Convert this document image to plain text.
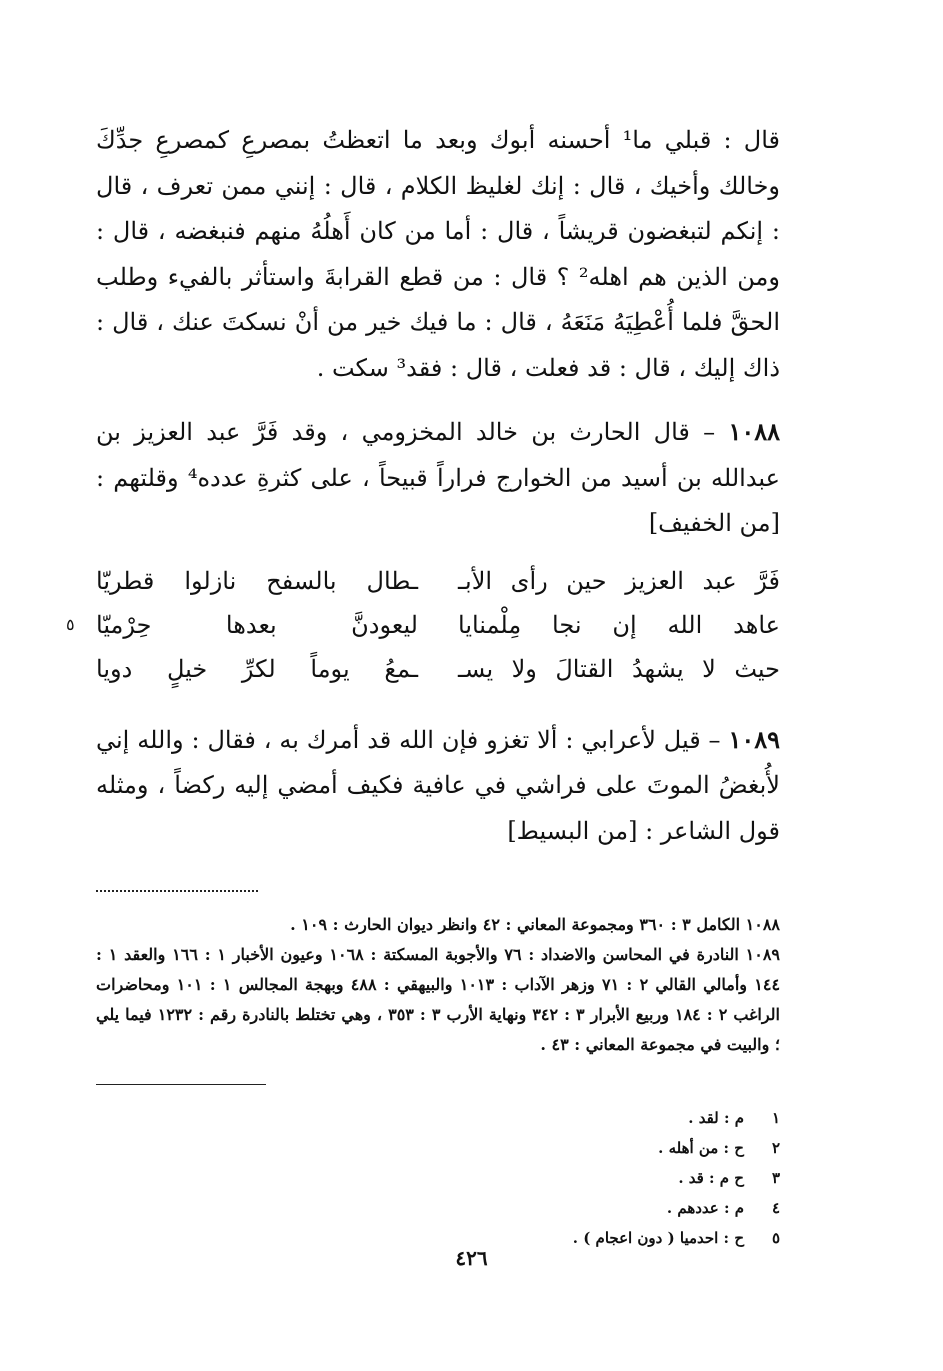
قال : قبلي ما¹ أحسنه أبوك وبعد ما اتعظتُ بمصرعِ كمصرعِ جدِّكَ وخالك وأخيك ، قال : إنك لغليظ الكلام ، قال : إنني ممن تعرف ، قال : إنكم لتبغضون قريشاً ، قال : أما من كان أَهلُهُ منهم فنبغضه ، قال : ومن الذين هم اهله² ؟ قال : من قطع القرابةَ واستأثر بالفيء وطلب الحقَّ فلما أُعْطِيَهُ مَنَعَهُ ، قال : ما فيك خير من أنْ نسكتَ عنك ، قال : ذاك إليك ، قال : قد فعلت ، قال : فقد³ سكت .

١٠٨٨ – قال الحارث بن خالد المخزومي ، وقد فَرَّ عبد العزيز بن عبدالله بن أسيد من الخوارج فراراً قبيحاً ، على كثرةِ عدده⁴ وقلتهم : [من الخفيف]

فَرَّ عبد العزيز حين رأى الأبـ
ـطال بالسفح نازلوا قطريّا
عاهد الله إن نجا مِلْمنايا
ليعودنَّ بعدها حِرْميّا
٥
حيث لا يشهدُ القتالَ ولا يسـ
ـمعُ يوماً لكرِّ خيلٍ دويا

١٠٨٩ – قيل لأعرابي : ألا تغزو فإن الله قد أمرك به ، فقال : والله إني لأُبغضُ الموتَ على فراشي في عافية فكيف أمضي إليه ركضاً ، ومثله قول الشاعر : [من البسيط]

١٠٨٨ الكامل ٣ : ٣٦٠ ومجموعة المعاني : ٤٢ وانظر ديوان الحارث : ١٠٩ .
١٠٨٩ النادرة في المحاسن والاضداد : ٧٦ والأجوبة المسكتة : ١٠٦٨ وعيون الأخبار ١ : ١٦٦ والعقد ١ : ١٤٤ وأمالي القالي ٢ : ٧١ وزهر الآداب : ١٠١٣ والبيهقي : ٤٨٨ وبهجة المجالس ١ : ١٠١ ومحاضرات الراغب ٢ : ١٨٤ وربيع الأبرار ٣ : ٣٤٢ ونهاية الأرب ٣ : ٣٥٣ ، وهي تختلط بالنادرة رقم : ١٢٣٢ فيما يلي ؛ والبيت في مجموعة المعاني : ٤٣ .
١
م : لقد .
٢
ح : من أهله .
٣
ح م : قد .
٤
م : عددهم .
٥
ح : احدميا ( دون اعجام ) .
٤٢٦
